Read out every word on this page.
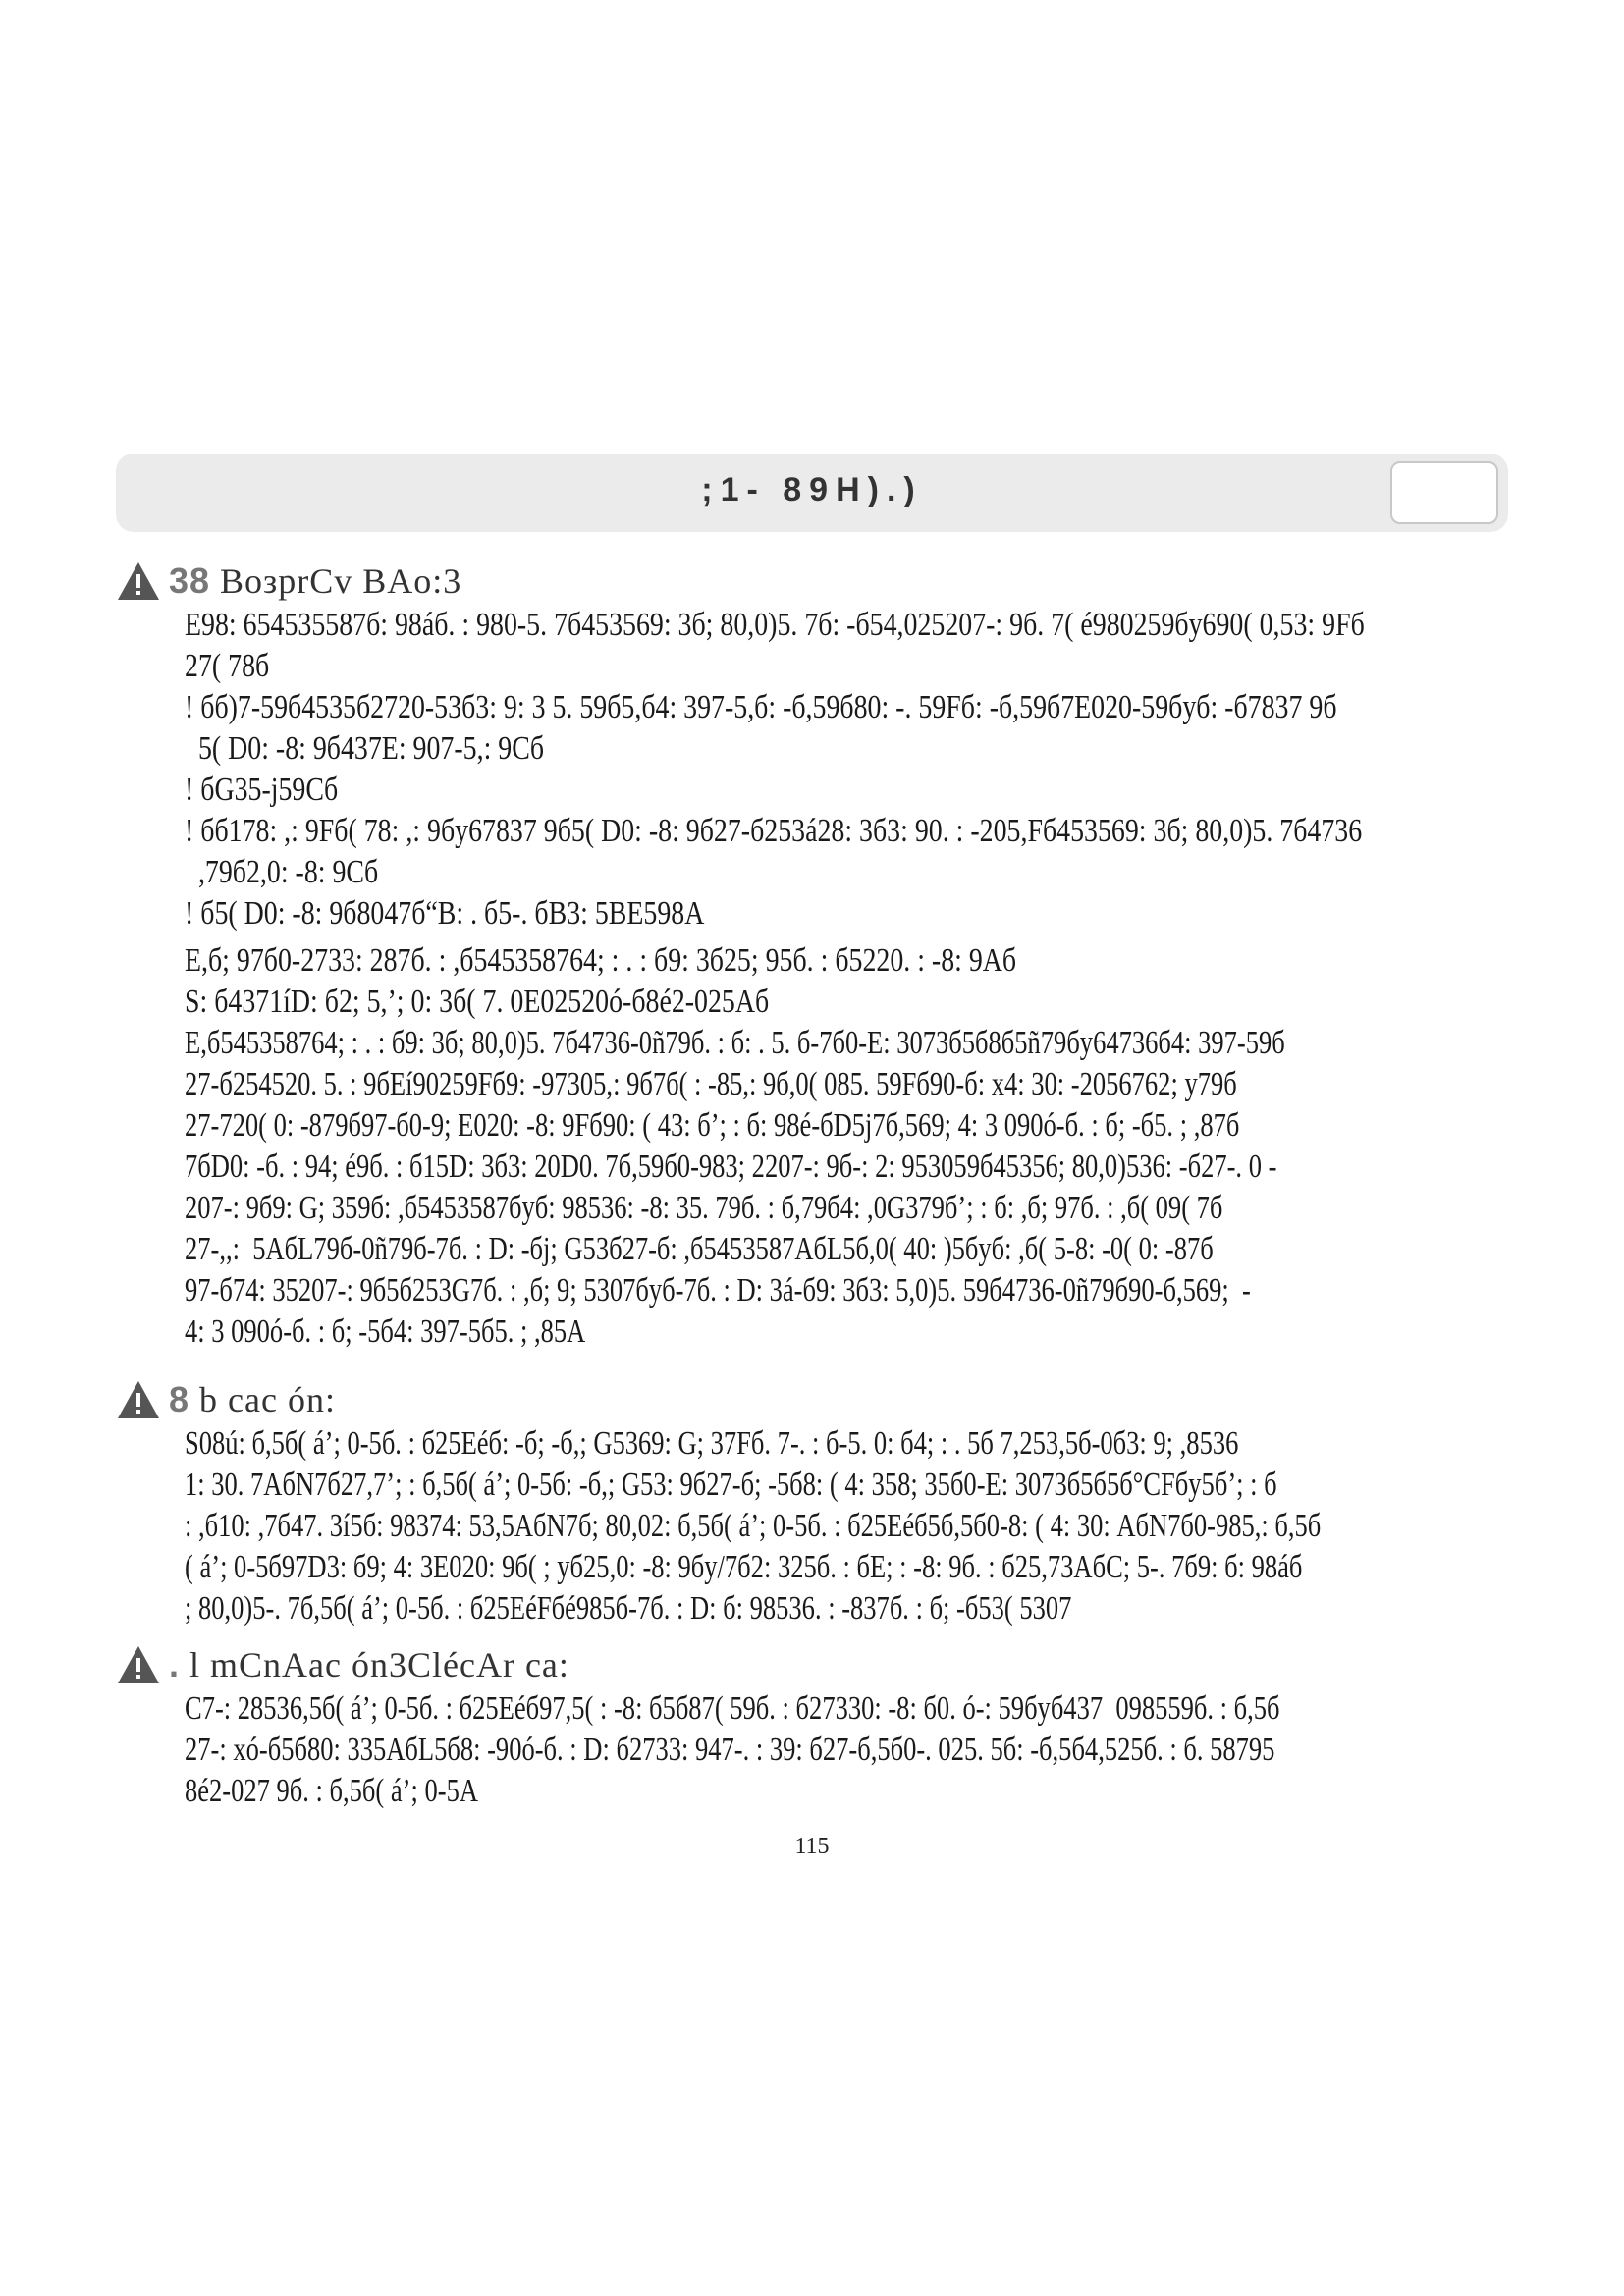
;1- 89H).)
38 BoзprCv BAo:3

E98: 654535587б: 98áб. : 980-5. 7б453569: 3б; 80,0)5. 7б: -б54,025207-: 9б. 7( é980259бy690( 0,53: 9Fб

27( 78б

! бб)7-59б4535б2720-53б3: 9: 3 5. 59б5,б4: 397-5,б: -б,59б80: -. 59Fб: -б,59б7E020-59бyб: -б7837 9б

5( D0: -8: 9б437E: 907-5,: 9Cб

! бG35-j59Cб

! бб178: ,: 9Fб( 78: ,: 9бy67837 9б5( D0: -8: 9б27-б253á28: 3б3: 90. : -205,Fб453569: 3б; 80,0)5. 7б4736

,79б2,0: -8: 9Cб

! б5( D0: -8: 9б8047б“B: . б5-. бB3: 5BE598A

E,б; 97б0-2733: 287б. : ,б545358764; : . : б9: 3б25; 95б. : б5220. : -8: 9Aб

S: б4371íD: б2; 5,’; 0: 3б( 7. 0E02520ó-б8é2-025Aб

E,б545358764; : . : б9: 3б; 80,0)5. 7б4736-0ñ79б. : б: . 5. б-7б0-E: 3073б5б8б5ñ79бy64736б4: 397-59б

27-б254520. 5. : 9бEí90259Fб9: -97305,: 9б7б( : -85,: 9б,0( 085. 59Fб90-б: x4: 30: -2056762; y79б

27-720( 0: -879б97-б0-9; E020: -8: 9Fб90: ( 43: б’; : б: 98é-бD5j7б,569; 4: 3 090ó-б. : б; -б5. ; ,87б

7бD0: -б. : 94; é9б. : б15D: 3б3: 20D0. 7б,59б0-983; 2207-: 9б-: 2: 953059б45356; 80,0)536: -б27-. 0 -

207-: 9б9: G; 359б: ,б5453587бyб: 98536: -8: 35. 79б. : б,79б4: ,0G379б’; : б: ,б; 97б. : ,б( 09( 7б

27-,,:  5AбL79б-0ñ79б-7б. : D: -бj; G53б27-б: ,б5453587AбL5б,0( 40: )5бyб: ,б( 5-8: -0( 0: -87б

97-б74: 35207-: 9б5б253G7б. : ,б; 9; 5307бyб-7б. : D: 3á-б9: 3б3: 5,0)5. 59б4736-0ñ79б90-б,569;  -

4: 3 090ó-б. : б; -5б4: 397-5б5. ; ,85A

8 b cac ón:

S08ú: б,5б( á’; 0-5б. : б25Eéб: -б; -б,; G5369: G; 37Fб. 7-. : б-5. 0: б4; : . 5б 7,253,5б-0б3: 9; ,8536

1: 30. 7AбN7б27,7’; : б,5б( á’; 0-5б: -б,; G53: 9б27-б; -5б8: ( 4: 358; 35б0-E: 3073б5б5б°CFбy5б’; : б

: ,б10: ,7б47. 3í5б: 98374: 53,5AбN7б; 80,02: б,5б( á’; 0-5б. : б25Eéб5б,5б0-8: ( 4: 30: AбN7б0-985,: б,5б

( á’; 0-5б97D3: б9; 4: 3E020: 9б( ; yб25,0: -8: 9бy/7б2: 325б. : бE; : -8: 9б. : б25,73AбC; 5-. 7б9: б: 98áб

; 80,0)5-. 7б,5б( á’; 0-5б. : б25EéFбé985б-7б. : D: б: 98536. : -837б. : б; -б53( 5307

. l mCnAac ón3ClécAr ca:

C7-: 28536,5б( á’; 0-5б. : б25Eéб97,5( : -8: б5б87( 59б. : б27330: -8: б0. ó-: 59бyб437  098559б. : б,5б

27-: xó-б5б80: 335AбL5б8: -90ó-б. : D: б2733: 947-. : 39: б27-б,5б0-. 025. 5б: -б,5б4,525б. : б. 58795

8é2-027 9б. : б,5б( á’; 0-5A

115
